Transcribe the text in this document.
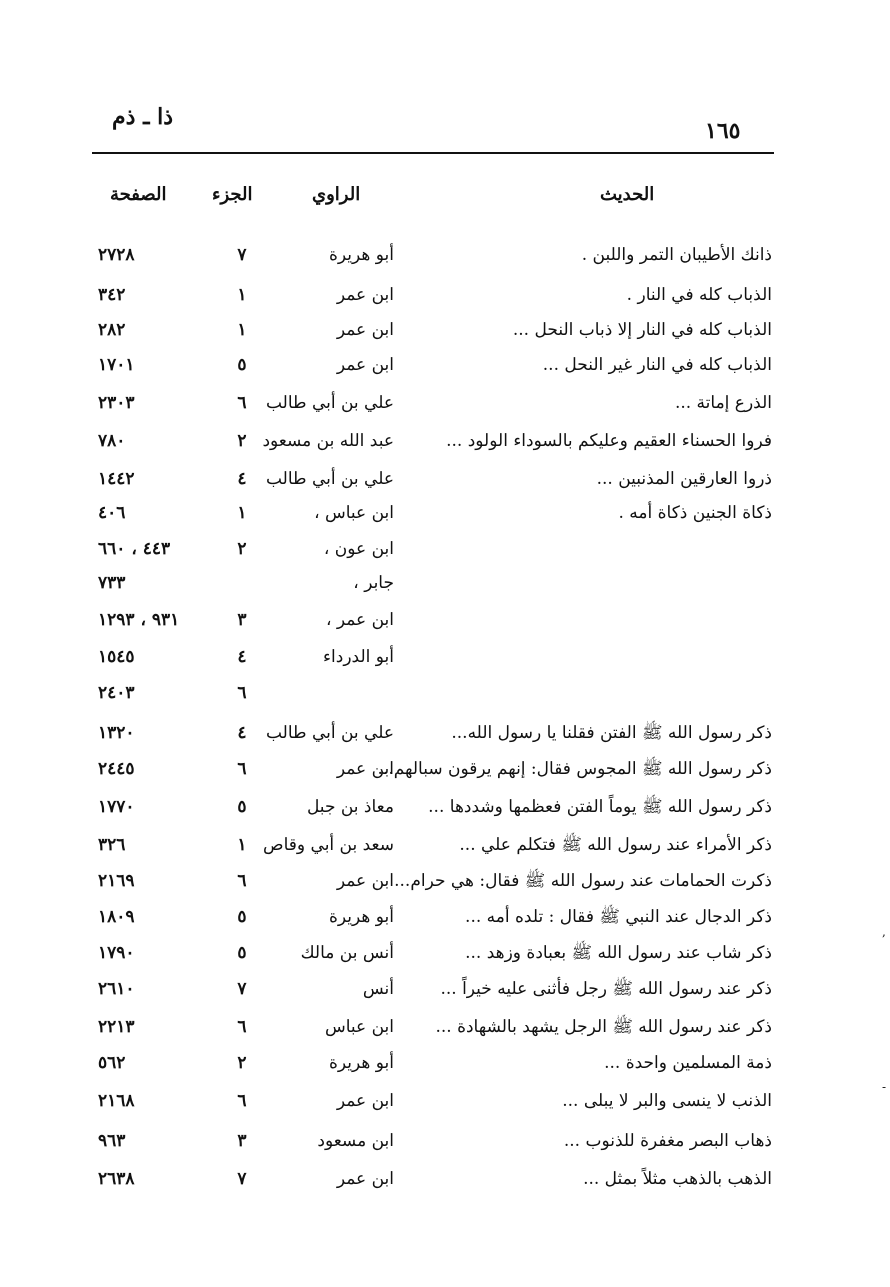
١٦٥
ذا ـ ذم
الحديث
الراوي
الجزء
الصفحة
ذانك الأطيبان التمر واللبن .
أبو هريرة
٧
٢٧٢٨
الذباب كله في النار .
ابن عمر
١
٣٤٢
الذباب كله في النار إلا ذباب النحل ...
ابن عمر
١
٢٨٢
الذباب كله في النار غير النحل ...
ابن عمر
٥
١٧٠١
الذرع إماتة ...
علي بن أبي طالب
٦
٢٣٠٣
فروا الحسناء العقيم وعليكم بالسوداء الولود ...
عبد الله بن مسعود
٢
٧٨٠
ذروا العارقين المذنبين ...
علي بن أبي طالب
٤
١٤٤٢
ذكاة الجنين ذكاة أمه .
ابن عباس ،
١
٤٠٦
ابن عون ،
٢
٤٤٣ ، ٦٦٠
جابر ،
٧٣٣
ابن عمر ،
٣
٩٣١ ، ١٢٩٣
أبو الدرداء
٤
١٥٤٥
٦
٢٤٠٣
ذكر رسول الله ﷺ الفتن فقلنا يا رسول الله...
علي بن أبي طالب
٤
١٣٢٠
ذكر رسول الله ﷺ المجوس فقال: إنهم يرقون سبالهم...
ابن عمر
٦
٢٤٤٥
ذكر رسول الله ﷺ يوماً الفتن فعظمها وشددها ...
معاذ بن جبل
٥
١٧٧٠
ذكر الأمراء عند رسول الله ﷺ فتكلم علي ...
سعد بن أبي وقاص
١
٣٢٦
ذكرت الحمامات عند رسول الله ﷺ فقال: هي حرام...
ابن عمر
٦
٢١٦٩
ذكر الدجال عند النبي ﷺ فقال : تلده أمه ...
أبو هريرة
٥
١٨٠٩
ذكر شاب عند رسول الله ﷺ بعبادة وزهد ...
أنس بن مالك
٥
١٧٩٠
ذكر عند رسول الله ﷺ رجل فأثنى عليه خيراً ...
أنس
٧
٢٦١٠
ذكر عند رسول الله ﷺ الرجل يشهد بالشهادة ...
ابن عباس
٦
٢٢١٣
ذمة المسلمين واحدة ...
أبو هريرة
٢
٥٦٢
الذنب لا ينسى والبر لا يبلى ...
ابن عمر
٦
٢١٦٨
ذهاب البصر مغفرة للذنوب ...
ابن مسعود
٣
٩٦٣
الذهب بالذهب مثلاً بمثل ...
ابن عمر
٧
٢٦٣٨
,
-
